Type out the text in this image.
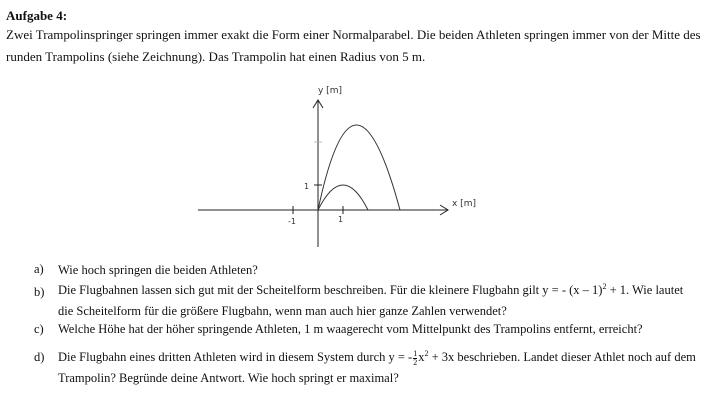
Aufgabe 4:
Zwei Trampolinspringer springen immer exakt die Form einer Normalparabel. Die beiden Athleten springen immer von der Mitte des runden Trampolins (siehe Zeichnung). Das Trampolin hat einen Radius von 5 m.
y [m]
x [m]
-1	1
1
a) Wie hoch springen die beiden Athleten?
b) Die Flugbahnen lassen sich gut mit der Scheitelform beschreiben. Für die kleinere Flugbahn gilt y = - (x – 1)$^2$ + 1. Wie lautet die Scheitelform für die größere Flugbahn, wenn man auch hier ganze Zahlen verwendet?
c) Welche Höhe hat der höher springende Athleten, 1 m waagerecht vom Mittelpunkt des Trampolins entfernt, erreicht?
d) Die Flugbahn eines dritten Athleten wird in diesem System durch y = - $\frac{1}{2} x^2 + 3x$ beschrieben. Landet dieser Athlet noch auf dem Trampolin? Begründe deine Antwort. Wie hoch springt er maximal?
